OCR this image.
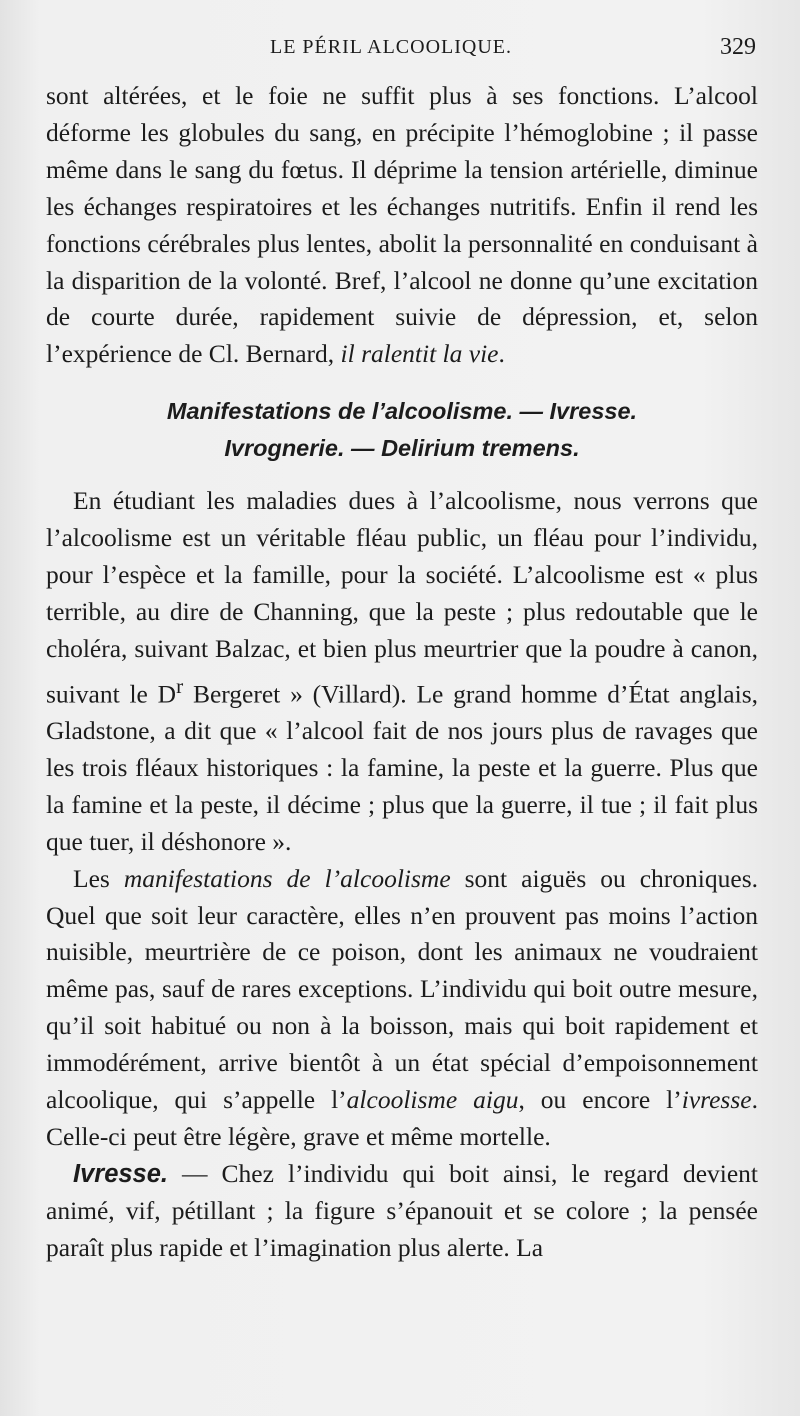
LE PÉRIL ALCOOLIQUE.	329

sont altérées, et le foie ne suffit plus à ses fonctions. L’alcool déforme les globules du sang, en précipite l’hémoglobine ; il passe même dans le sang du fœtus. Il déprime la tension artérielle, diminue les échanges respiratoires et les échanges nutritifs. Enfin il rend les fonctions cérébrales plus lentes, abolit la personnalité en conduisant à la disparition de la volonté. Bref, l’alcool ne donne qu’une excitation de courte durée, rapidement suivie de dépression, et, selon l’expérience de Cl. Bernard, il ralentit la vie.

Manifestations de l’alcoolisme. — Ivresse.
Ivrognerie. — Delirium tremens.

En étudiant les maladies dues à l’alcoolisme, nous verrons que l’alcoolisme est un véritable fléau public, un fléau pour l’individu, pour l’espèce et la famille, pour la société. L’alcoolisme est « plus terrible, au dire de Channing, que la peste ; plus redoutable que le choléra, suivant Balzac, et bien plus meurtrier que la poudre à canon, suivant le $D^r$ Bergeret » (Villard). Le grand homme d’État anglais, Gladstone, a dit que « l’alcool fait de nos jours plus de ravages que les trois fléaux historiques : la famine, la peste et la guerre. Plus que la famine et la peste, il décime ; plus que la guerre, il tue ; il fait plus que tuer, il déshonore ».

Les manifestations de l’alcoolisme sont aiguës ou chroniques. Quel que soit leur caractère, elles n’en prouvent pas moins l’action nuisible, meurtrière de ce poison, dont les animaux ne voudraient même pas, sauf de rares exceptions. L’individu qui boit outre mesure, qu’il soit habitué ou non à la boisson, mais qui boit rapidement et immodérément, arrive bientôt à un état spécial d’empoisonnement alcoolique, qui s’appelle l’alcoolisme aigu, ou encore l’ivresse. Celle-ci peut être légère, grave et même mortelle.

Ivresse. — Chez l’individu qui boit ainsi, le regard devient animé, vif, pétillant ; la figure s’épanouit et se colore ; la pensée paraît plus rapide et l’imagination plus alerte. La
